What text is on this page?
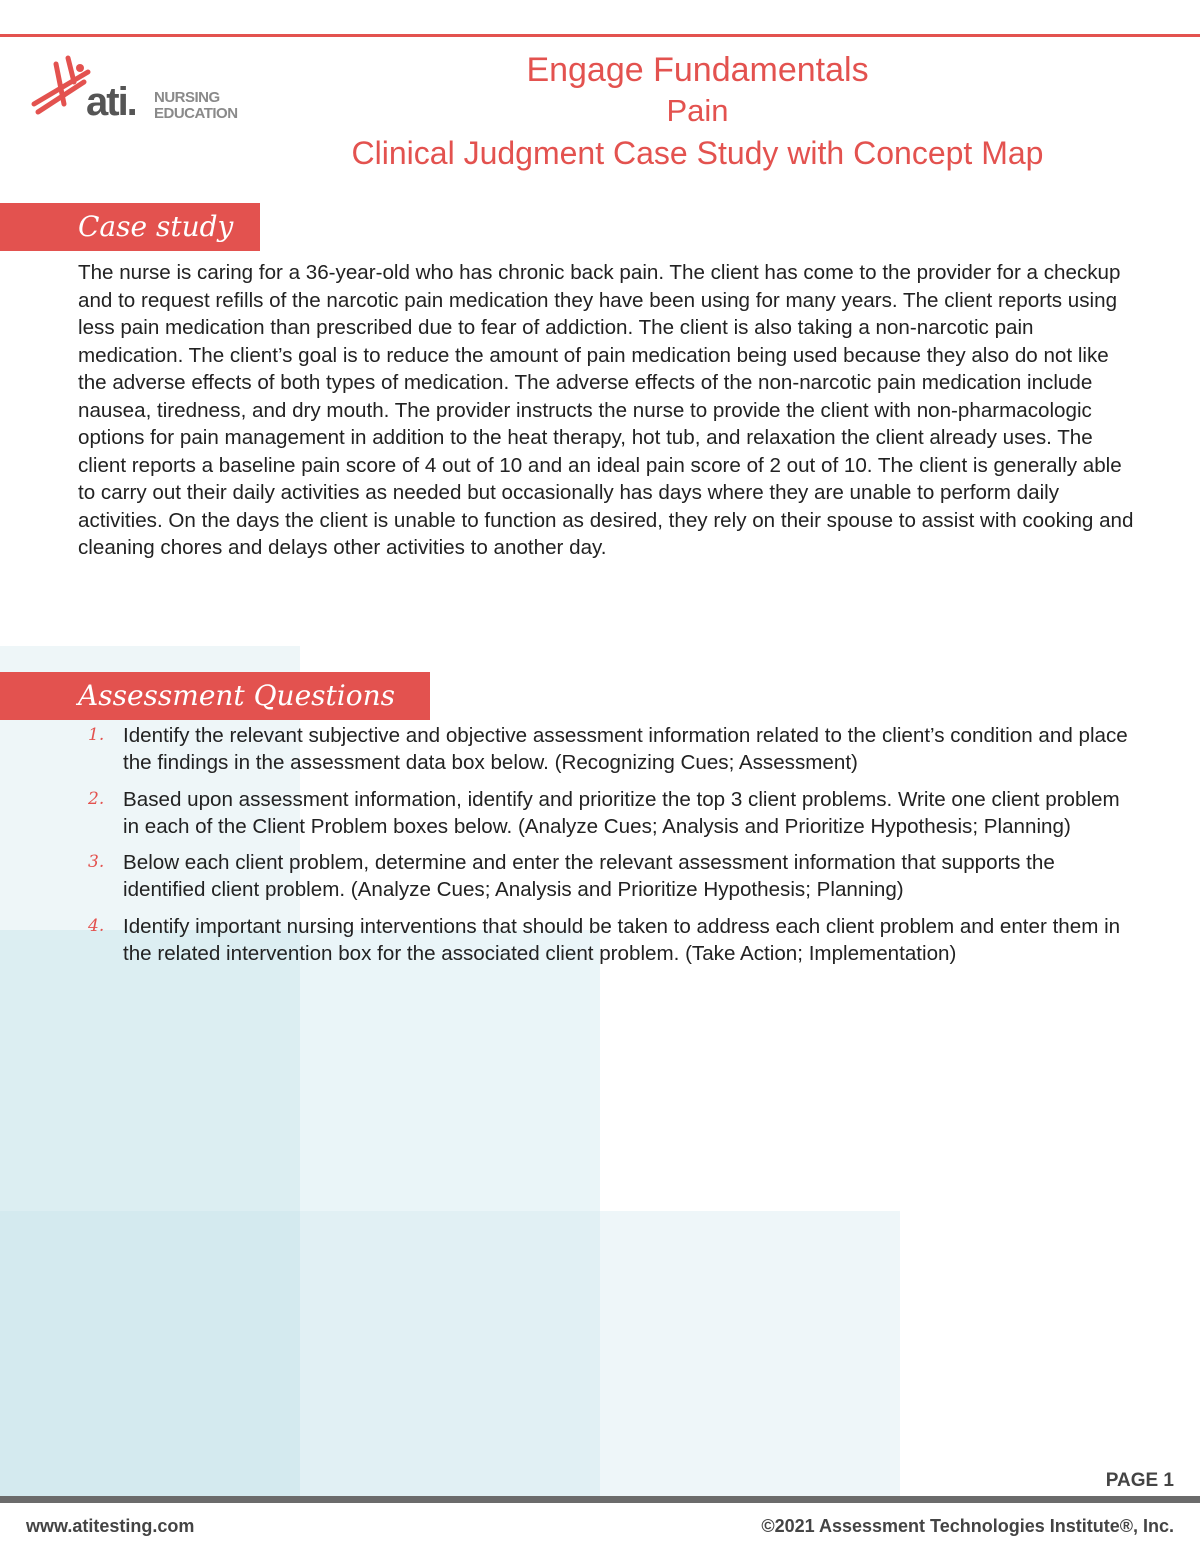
ati. NURSING
EDUCATION
Engage Fundamentals
Pain
Clinical Judgment Case Study with Concept Map
Case study
The nurse is caring for a 36-year-old who has chronic back pain. The client has come to the provider for a checkup and to request refills of the narcotic pain medication they have been using for many years. The client reports using less pain medication than prescribed due to fear of addiction. The client is also taking a non-narcotic pain medication. The client’s goal is to reduce the amount of pain medication being used because they also do not like the adverse effects of both types of medication. The adverse effects of the non-narcotic pain medication include nausea, tiredness, and dry mouth. The provider instructs the nurse to provide the client with non-pharmacologic options for pain management in addition to the heat therapy, hot tub, and relaxation the client already uses. The client reports a baseline pain score of 4 out of 10 and an ideal pain score of 2 out of 10. The client is generally able to carry out their daily activities as needed but occasionally has days where they are unable to perform daily activities. On the days the client is unable to function as desired, they rely on their spouse to assist with cooking and cleaning chores and delays other activities to another day.
Assessment Questions
1. Identify the relevant subjective and objective assessment information related to the client’s condition and place the findings in the assessment data box below. (Recognizing Cues; Assessment)
2. Based upon assessment information, identify and prioritize the top 3 client problems. Write one client problem in each of the Client Problem boxes below. (Analyze Cues; Analysis and Prioritize Hypothesis; Planning)
3. Below each client problem, determine and enter the relevant assessment information that supports the identified client problem. (Analyze Cues; Analysis and Prioritize Hypothesis; Planning)
4. Identify important nursing interventions that should be taken to address each client problem and enter them in the related intervention box for the associated client problem. (Take Action; Implementation)
PAGE 1
www.atitesting.com	©2021 Assessment Technologies Institute®, Inc.
